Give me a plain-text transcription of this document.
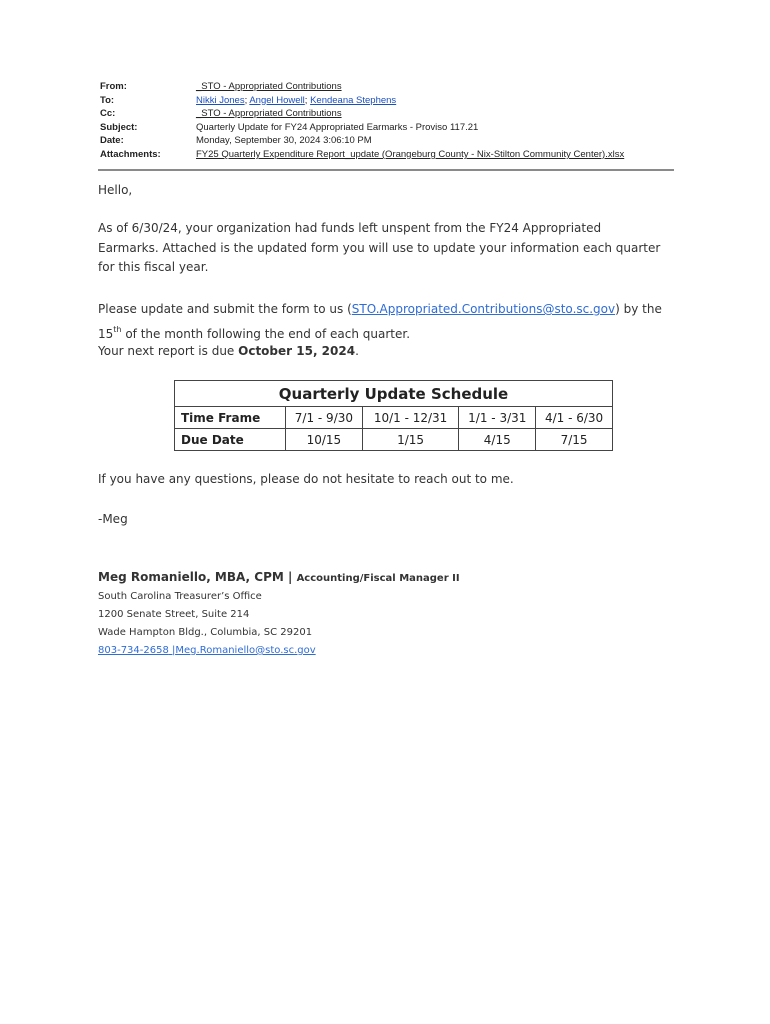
From:	_STO - Appropriated Contributions
To:	Nikki Jones; Angel Howell; Kendeana Stephens
Cc:	_STO - Appropriated Contributions
Subject:	Quarterly Update for FY24 Appropriated Earmarks - Proviso 117.21
Date:	Monday, September 30, 2024 3:06:10 PM
Attachments:	FY25 Quarterly Expenditure Report_update (Orangeburg County - Nix-Stilton Community Center).xlsx

Hello,

As of 6/30/24, your organization had funds left unspent from the FY24 Appropriated Earmarks. Attached is the updated form you will use to update your information each quarter for this fiscal year.

Please update and submit the form to us (STO.Appropriated.Contributions@sto.sc.gov) by the 15th of the month following the end of each quarter.

Your next report is due October 15, 2024.

Quarterly Update Schedule				
Time Frame	7/1 - 9/30	10/1 - 12/31	1/1 - 3/31	4/1 - 6/30
Due Date	10/15	1/15	4/15	7/15
If you have any questions, please do not hesitate to reach out to me.
-Meg
Meg Romaniello, MBA, CPM | Accounting/Fiscal Manager II
South Carolina Treasurer’s Office
1200 Senate Street, Suite 214
Wade Hampton Bldg., Columbia, SC 29201
803-734-2658 |Meg.Romaniello@sto.sc.gov
